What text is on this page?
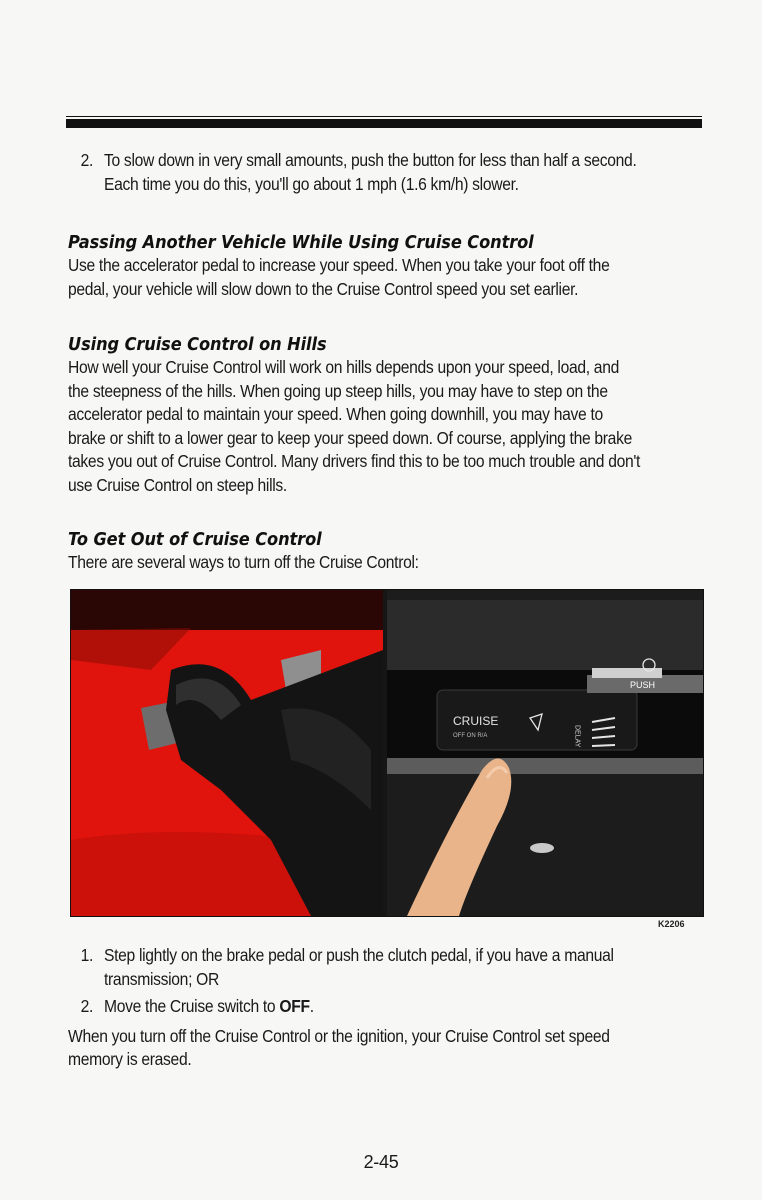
2. To slow down in very small amounts, push the button for less than half a second. Each time you do this, you'll go about 1 mph (1.6 km/h) slower.

Passing Another Vehicle While Using Cruise Control

Use the accelerator pedal to increase your speed. When you take your foot off the pedal, your vehicle will slow down to the Cruise Control speed you set earlier.

Using Cruise Control on Hills

How well your Cruise Control will work on hills depends upon your speed, load, and the steepness of the hills. When going up steep hills, you may have to step on the accelerator pedal to maintain your speed. When going downhill, you may have to brake or shift to a lower gear to keep your speed down. Of course, applying the brake takes you out of Cruise Control. Many drivers find this to be too much trouble and don't use Cruise Control on steep hills.

To Get Out of Cruise Control

There are several ways to turn off the Cruise Control:

CRUISE
OFF ON R/A
PUSH
DELAY
K2206

1. Step lightly on the brake pedal or push the clutch pedal, if you have a manual transmission; OR

2. Move the Cruise switch to OFF.

When you turn off the Cruise Control or the ignition, your Cruise Control set speed memory is erased.

2-45
